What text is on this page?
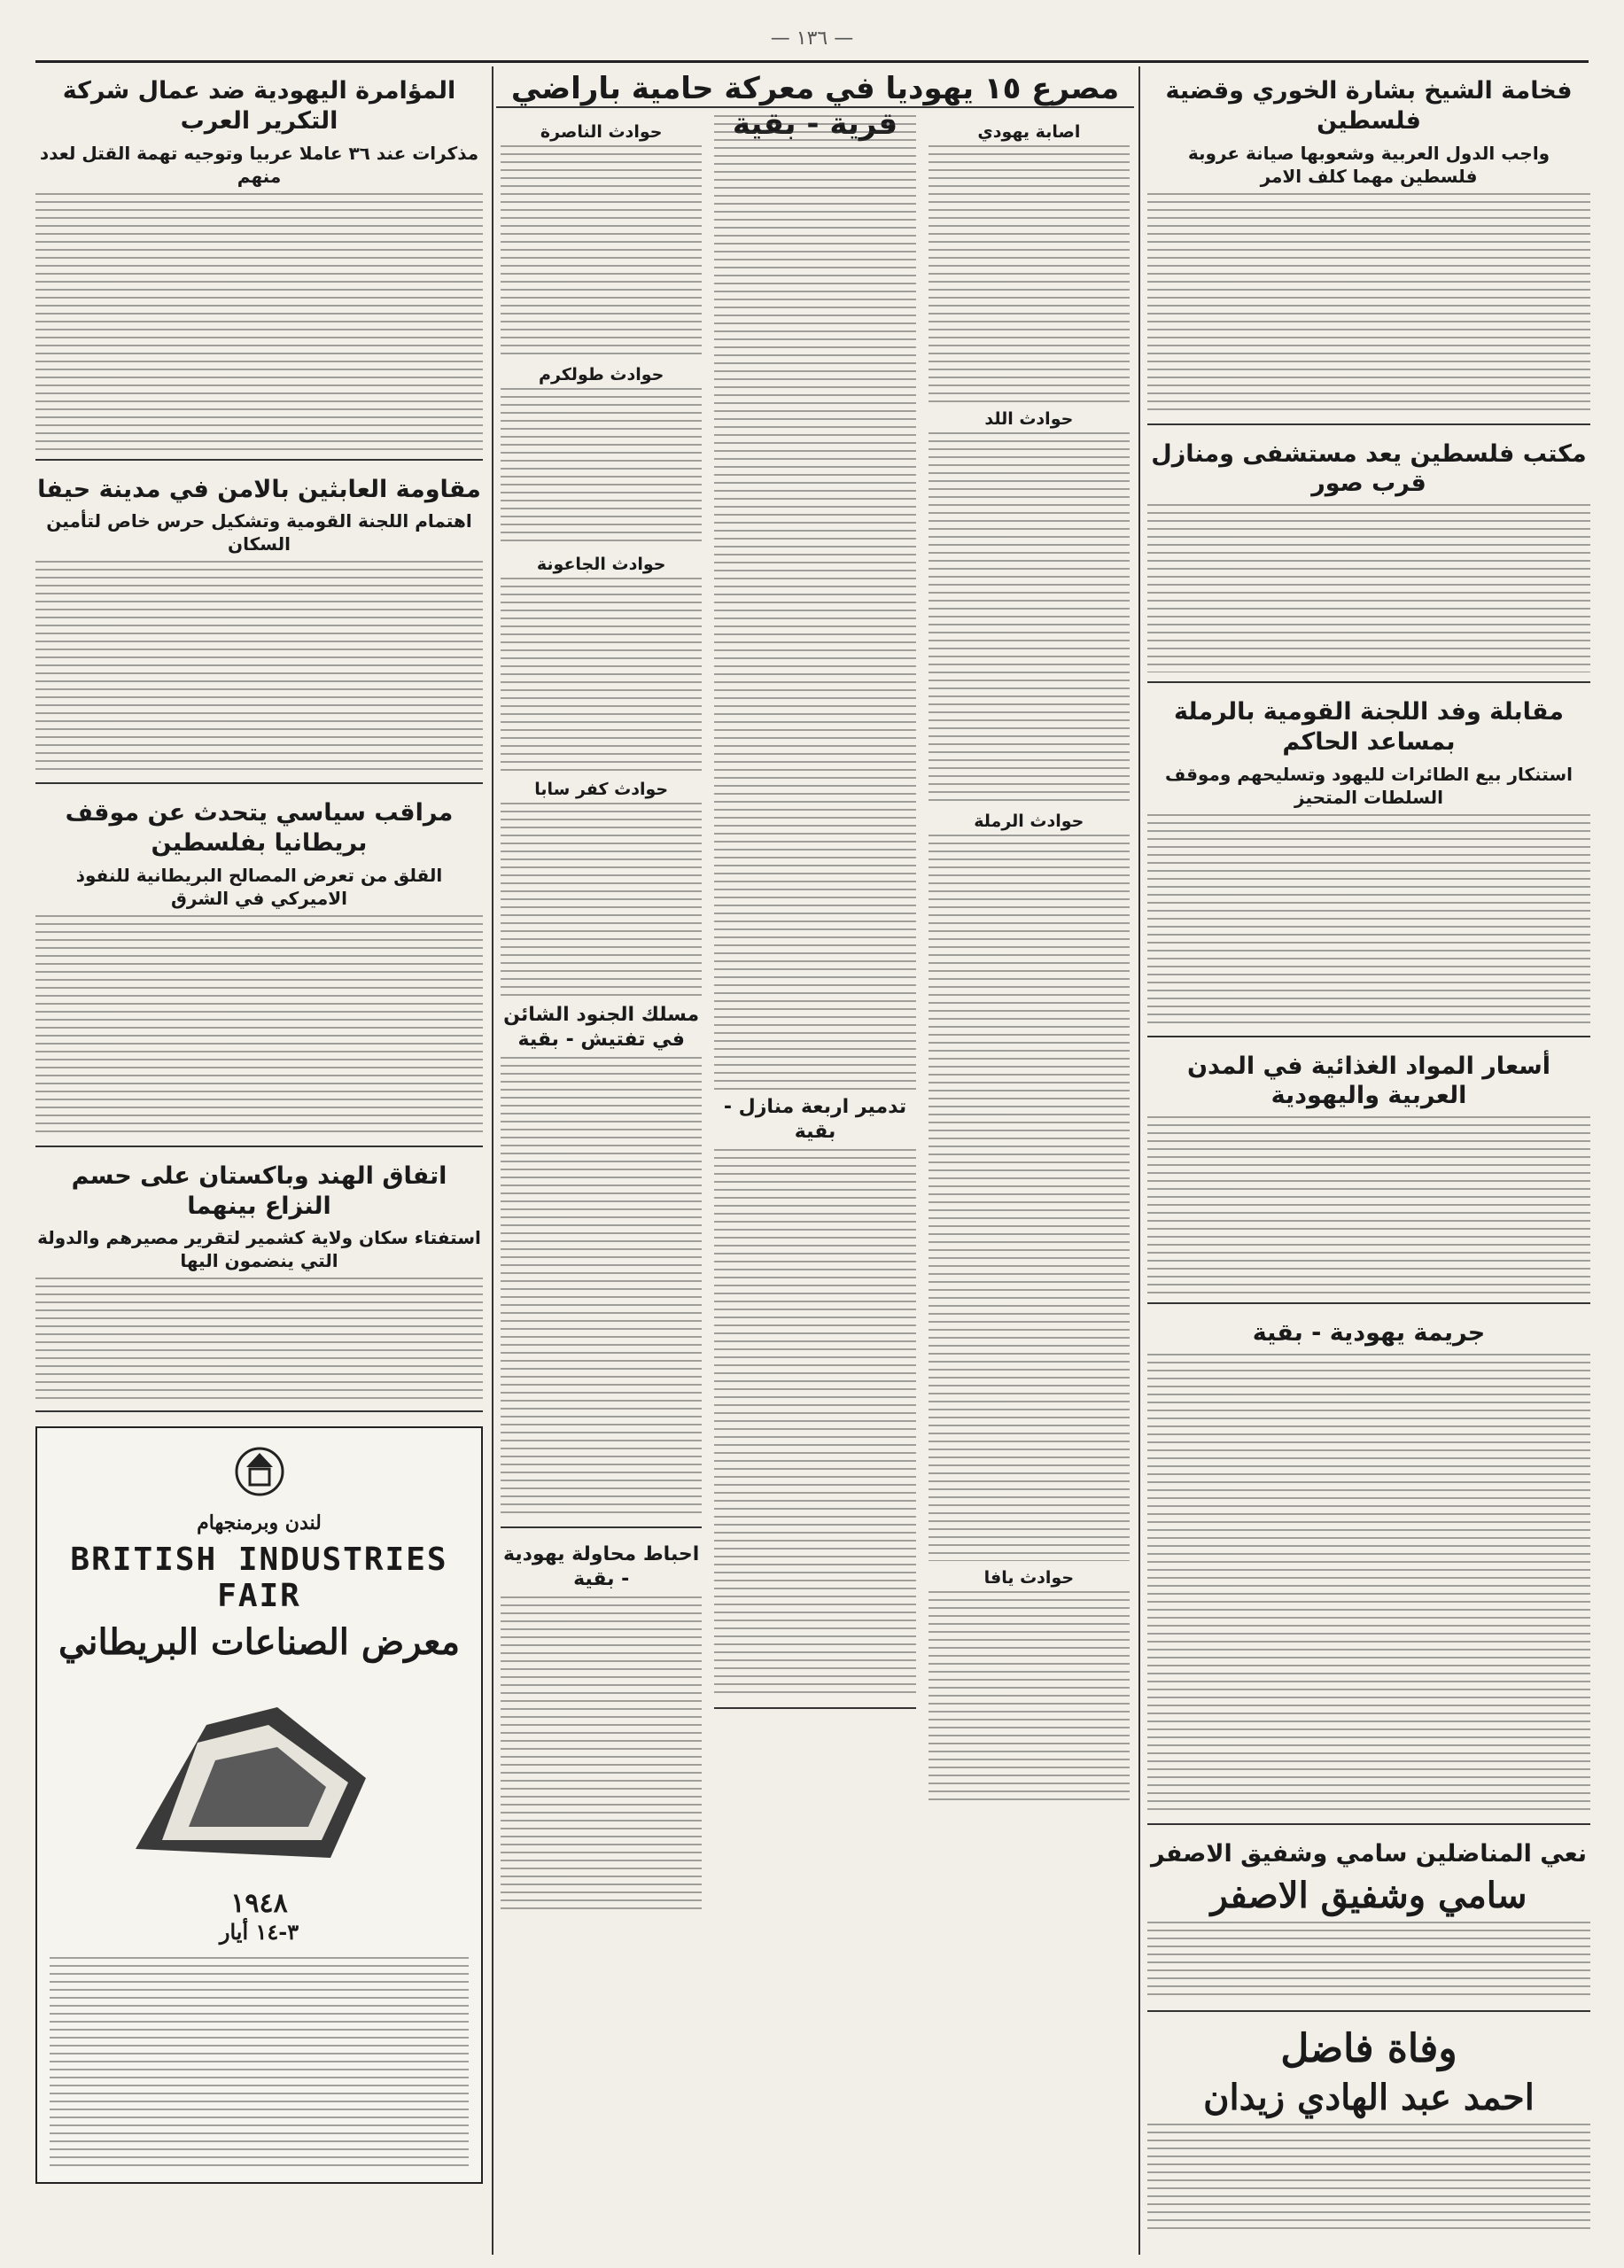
— ١٣٦ —
فخامة الشيخ بشارة الخوري وقضية فلسطين
واجب الدول العربية وشعوبها صيانة عروبة فلسطين مهما كلف الامر
مكتب فلسطين يعد مستشفى ومنازل قرب صور
مقابلة وفد اللجنة القومية بالرملة بمساعد الحاكم
استنكار بيع الطائرات لليهود وتسليحهم وموقف السلطات المتحيز
أسعار المواد الغذائية في المدن العربية واليهودية
جريمة يهودية - بقية
نعي المناضلين سامي وشفيق الاصفر
سامي وشفيق الاصفر
وفاة فاضل
احمد عبد الهادي زيدان
مصرع ١٥ يهوديا في معركة حامية باراضي قرية - بقية	اصابة يهودي
حوادث اللد
حوادث الرملة
حوادث يافا
تدمير اربعة منازل - بقية
حوادث الناصرة
حوادث طولكرم
حوادث الجاعونة
حوادث كفر سابا
مسلك الجنود الشائن في تفتيش - بقية
احباط محاولة يهودية - بقية
المؤامرة اليهودية ضد عمال شركة التكرير العرب
مذكرات عند ٣٦ عاملا عربيا وتوجيه تهمة القتل لعدد منهم
مقاومة العابثين بالامن في مدينة حيفا
اهتمام اللجنة القومية وتشكيل حرس خاص لتأمين السكان
مراقب سياسي يتحدث عن موقف بريطانيا بفلسطين
القلق من تعرض المصالح البريطانية للنفوذ الاميركي في الشرق
اتفاق الهند وباكستان على حسم النزاع بينهما
استفتاء سكان ولاية كشمير لتقرير مصيرهم والدولة التي ينضمون اليها
لندن وبرمنجهام
BRITISH INDUSTRIES FAIR
معرض الصناعات البريطاني
١٩٤٨
٣-١٤ أيار
